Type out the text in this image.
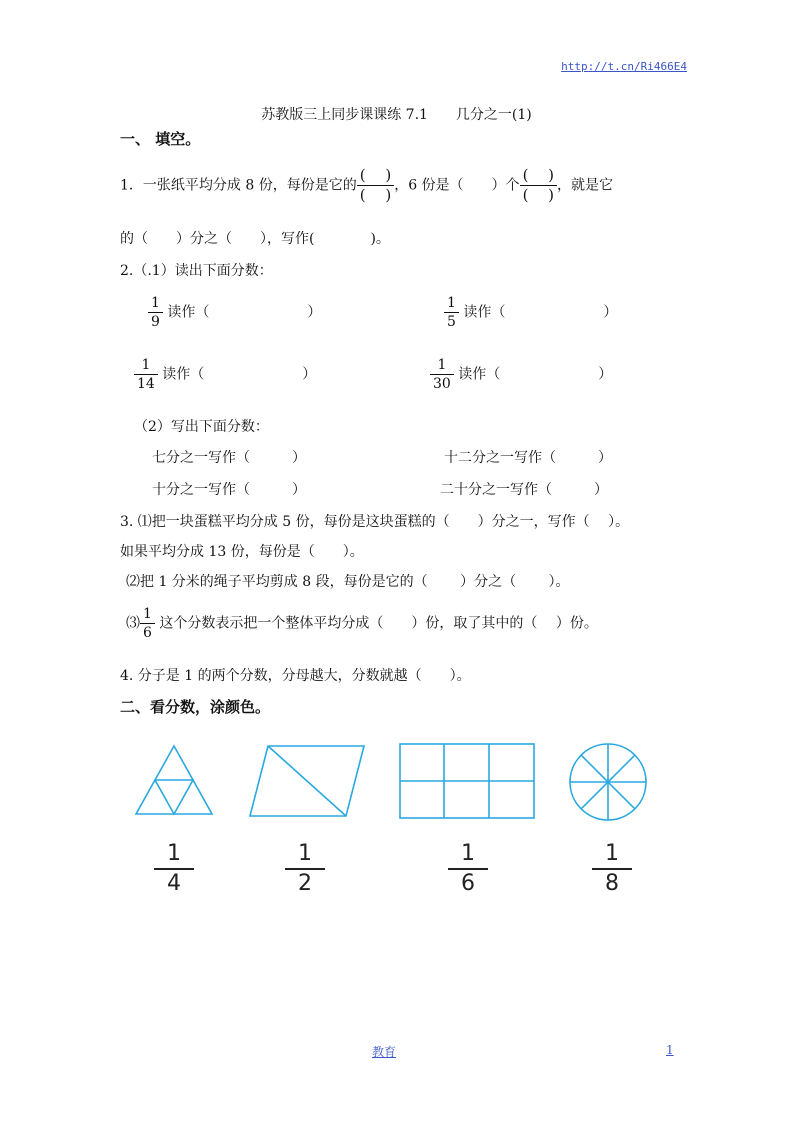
http://t.cn/Ri466E4
苏教版三上同步课课练 7.1　　几分之一(1)
一、 填空。
1．一张纸平均分成 8 份，每份是它的 $\frac{( )}{( )}$ ，6 份是（　　）个 $\frac{( )}{( )}$ ，就是它
的（　　）分之（　　），写作(　　　　)。
2.（.1）读出下面分数：
$\frac{1}{9}$ 读作（　　　　　　　）	$\frac{1}{5}$ 读作（　　　　　　　）
$\frac{1}{14}$ 读作（　　　　　　　）	$\frac{1}{30}$ 读作（　　　　　　　）
（2）写出下面分数：
七分之一写作（　　　）	十二分之一写作（　　　）
十分之一写作（　　　）	二十分之一写作（　　　）
3. ⑴把一块蛋糕平均分成 5 份，每份是这块蛋糕的（　　）分之一，写作（　 ）。
如果平均分成 13 份，每份是（　　）。
⑵把 1 分米的绳子平均剪成 8 段，每份是它的（　　 ）分之（　　 ）。
⑶ $\frac{1}{6}$ 这个分数表示把一个整体平均分成（　　）份，取了其中的（　 ）份。
4. 分子是 1 的两个分数，分母越大，分数就越（　　）。
二、看分数，涂颜色。
$\frac{1}{4}$	$\frac{1}{2}$	$\frac{1}{6}$	$\frac{1}{8}$
教育	1
